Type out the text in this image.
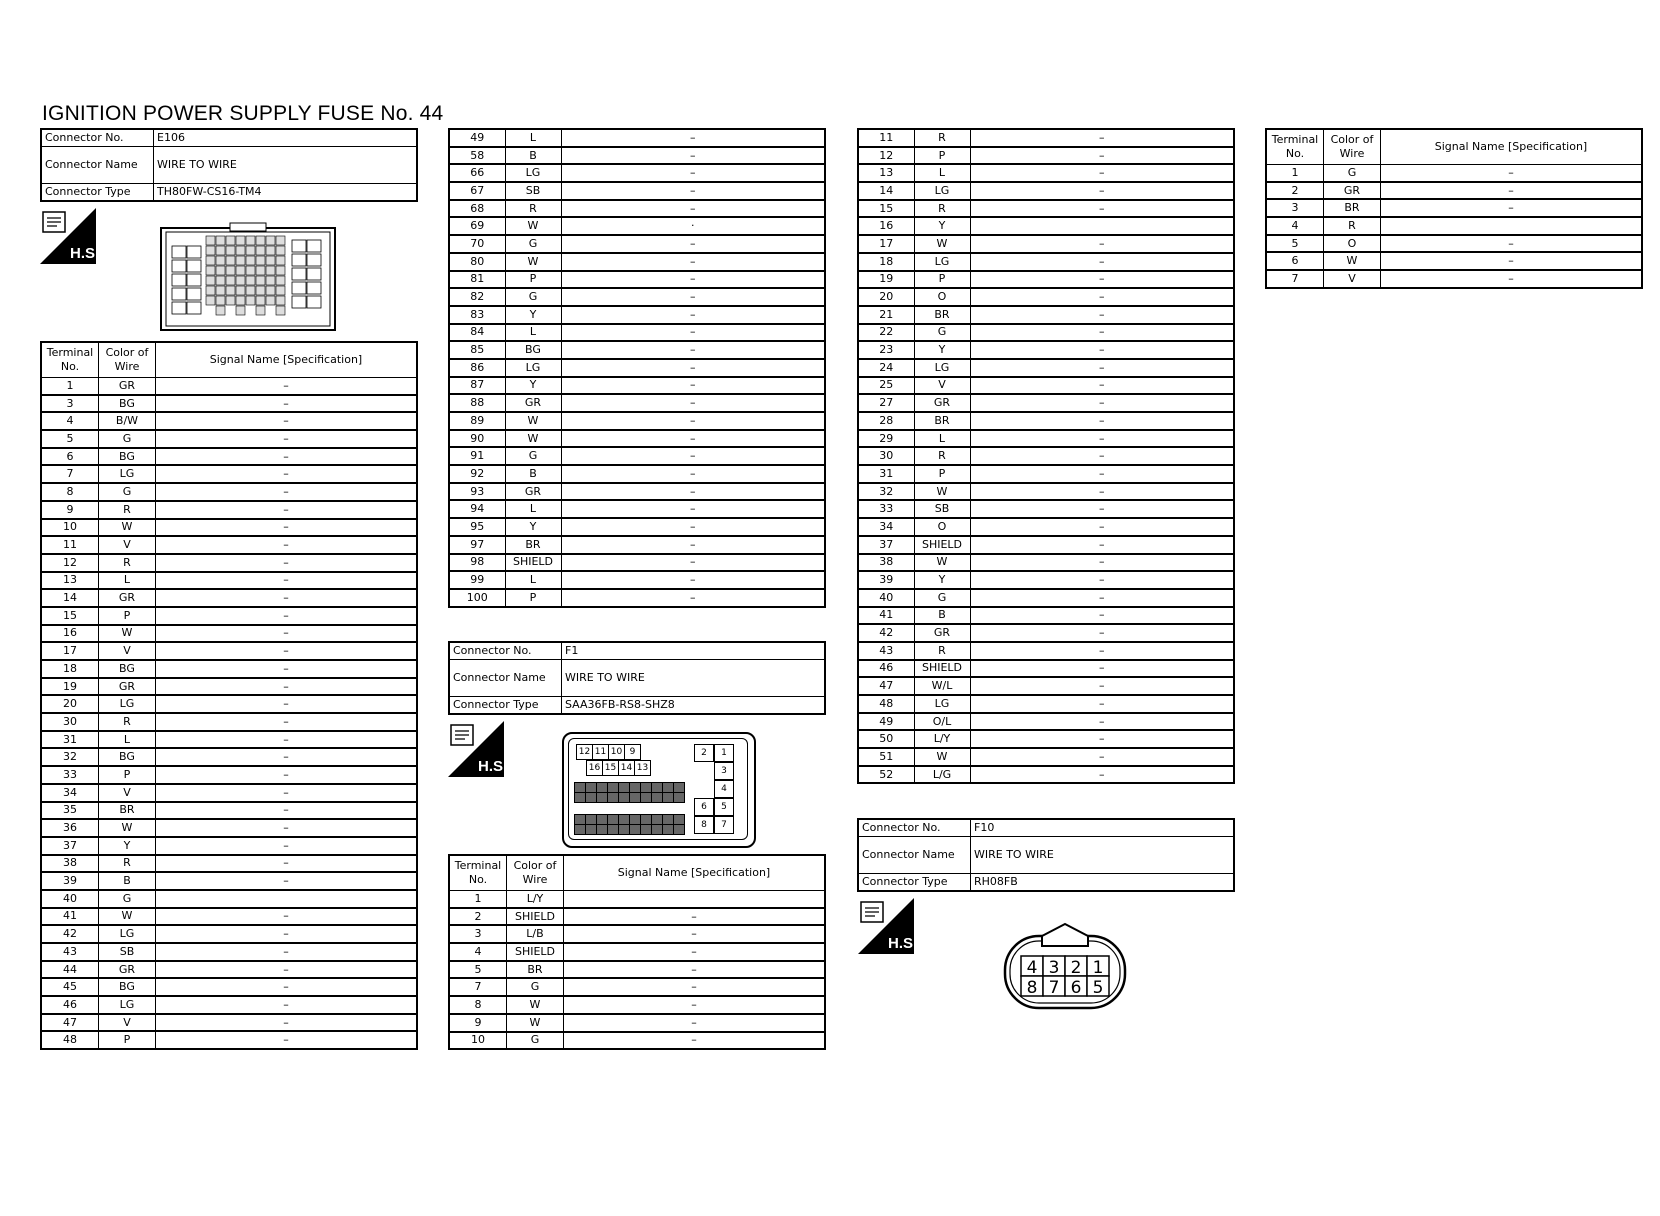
IGNITION POWER SUPPLY FUSE No. 44
Connector No.	E106
Connector Name	WIRE TO WIRE
Connector Type	TH80FW-CS16-TM4
H.S.
Terminal No.	Color of Wire	Signal Name [Specification]
1	GR	–
3	BG	–
4	B/W	–
5	G	–
6	BG	–
7	LG	–
8	G	–
9	R	–
10	W	–
11	V	–
12	R	–
13	L	–
14	GR	–
15	P	–
16	W	–
17	V	–
18	BG	–
19	GR	–
20	LG	–
30	R	–
31	L	–
32	BG	–
33	P	–
34	V	–
35	BR	–
36	W	–
37	Y	–
38	R	–
39	B	–
40	G	
41	W	–
42	LG	–
43	SB	–
44	GR	–
45	BG	–
46	LG	–
47	V	–
48	P	–
49	L	–
58	B	–
66	LG	–
67	SB	–
68	R	–
69	W	·
70	G	–
80	W	–
81	P	–
82	G	–
83	Y	–
84	L	–
85	BG	–
86	LG	–
87	Y	–
88	GR	–
89	W	–
90	W	–
91	G	–
92	B	–
93	GR	–
94	L	–
95	Y	–
97	BR	–
98	SHIELD	–
99	L	–
100	P	–
Connector No.	F1
Connector Name	WIRE TO WIRE
Connector Type	SAA36FB-RS8-SHZ8
H.S.
12 11 10 9
16 15 14 13
2	1
3
4
6	5
8	7
Terminal No.	Color of Wire	Signal Name [Specification]
1	L/Y	
2	SHIELD	–
3	L/B	–
4	SHIELD	–
5	BR	–
7	G	–
8	W	–
9	W	–
10	G	–
11	R	–
12	P	–
13	L	–
14	LG	–
15	R	–
16	Y	
17	W	–
18	LG	–
19	P	–
20	O	–
21	BR	–
22	G	–
23	Y	–
24	LG	–
25	V	–
27	GR	–
28	BR	–
29	L	–
30	R	–
31	P	–
32	W	–
33	SB	–
34	O	–
37	SHIELD	–
38	W	–
39	Y	–
40	G	–
41	B	–
42	GR	–
43	R	–
46	SHIELD	–
47	W/L	–
48	LG	–
49	O/L	–
50	L/Y	–
51	W	–
52	L/G	–
Connector No.	F10
Connector Name	WIRE TO WIRE
Connector Type	RH08FB
H.S.
4 3 2 1
8 7 6 5
Terminal No.	Color of Wire	Signal Name [Specification]
1	G	–
2	GR	–
3	BR	–
4	R	
5	O	–
6	W	–
7	V	–
